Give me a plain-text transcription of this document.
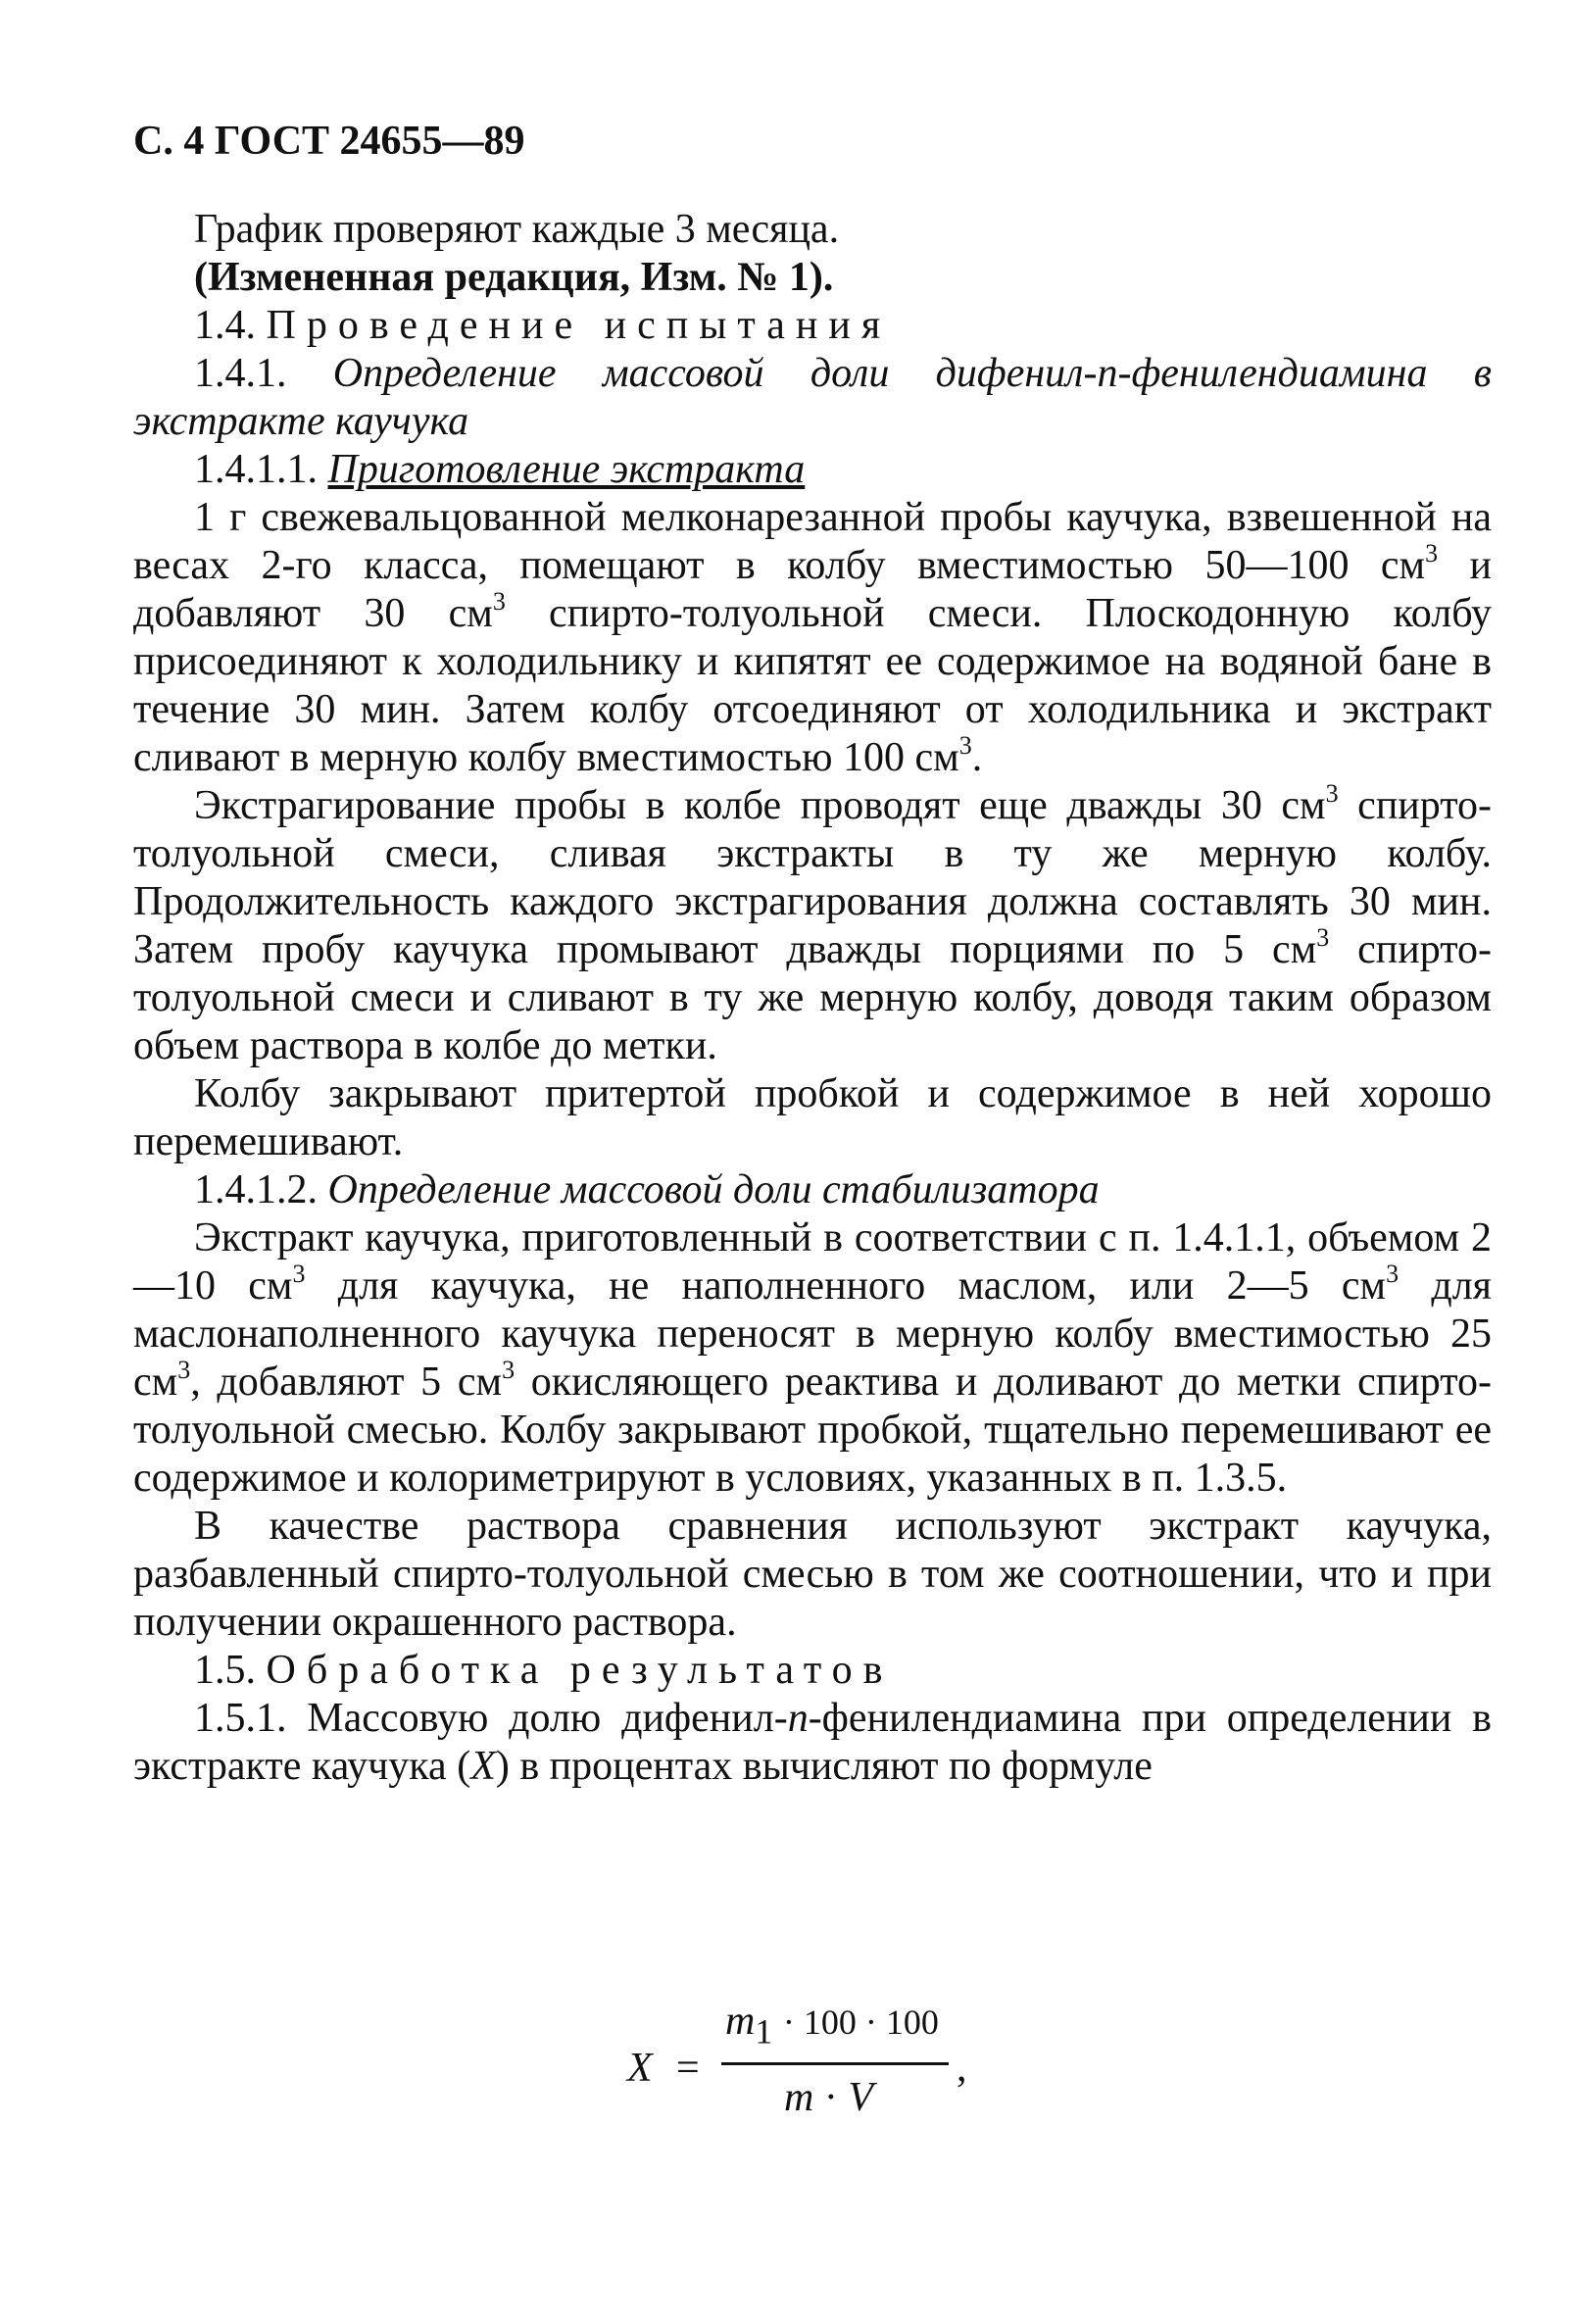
С. 4 ГОСТ 24655—89

График проверяют каждые 3 месяца.

(Измененная редакция, Изм. № 1).

1.4. Проведение испытания

1.4.1. Определение массовой доли дифенил-п-фенилендиамина в экстракте каучука

1.4.1.1. Приготовление экстракта

1 г свежевальцованной мелконарезанной пробы каучука, взвешенной на весах 2-го класса, помещают в колбу вместимостью 50—100 $см^3$ и добавляют 30 $см^3$ спирто-толуольной смеси. Плоскодонную колбу присоединяют к холодильнику и кипятят ее содержимое на водяной бане в течение 30 мин. Затем колбу отсоединяют от холодильника и экстракт сливают в мерную колбу вместимостью 100 $см^3$.

Экстрагирование пробы в колбе проводят еще дважды 30 $см^3$ спирто-толуольной смеси, сливая экстракты в ту же мерную колбу. Продолжительность каждого экстрагирования должна составлять 30 мин. Затем пробу каучука промывают дважды порциями по 5 $см^3$ спирто-толуольной смеси и сливают в ту же мерную колбу, доводя таким образом объем раствора в колбе до метки.

Колбу закрывают притертой пробкой и содержимое в ней хорошо перемешивают.

1.4.1.2. Определение массовой доли стабилизатора

Экстракт каучука, приготовленный в соответствии с п. 1.4.1.1, объемом 2—10 $см^3$ для каучука, не наполненного маслом, или 2—5 $см^3$ для маслонаполненного каучука переносят в мерную колбу вместимостью 25 $см^3$, добавляют 5 $см^3$ окисляющего реактива и доливают до метки спирто-толуольной смесью. Колбу закрывают пробкой, тщательно перемешивают ее содержимое и колориметрируют в условиях, указанных в п. 1.3.5.

В качестве раствора сравнения используют экстракт каучука, разбавленный спирто-толуольной смесью в том же соотношении, что и при получении окрашенного раствора.

1.5. Обработка результатов

1.5.1. Массовую долю дифенил-n-фенилендиамина при определении в экстракте каучука (X) в процентах вычисляют по формуле

X =
$m_1 \cdot 100 \cdot 100$
m · V
,
